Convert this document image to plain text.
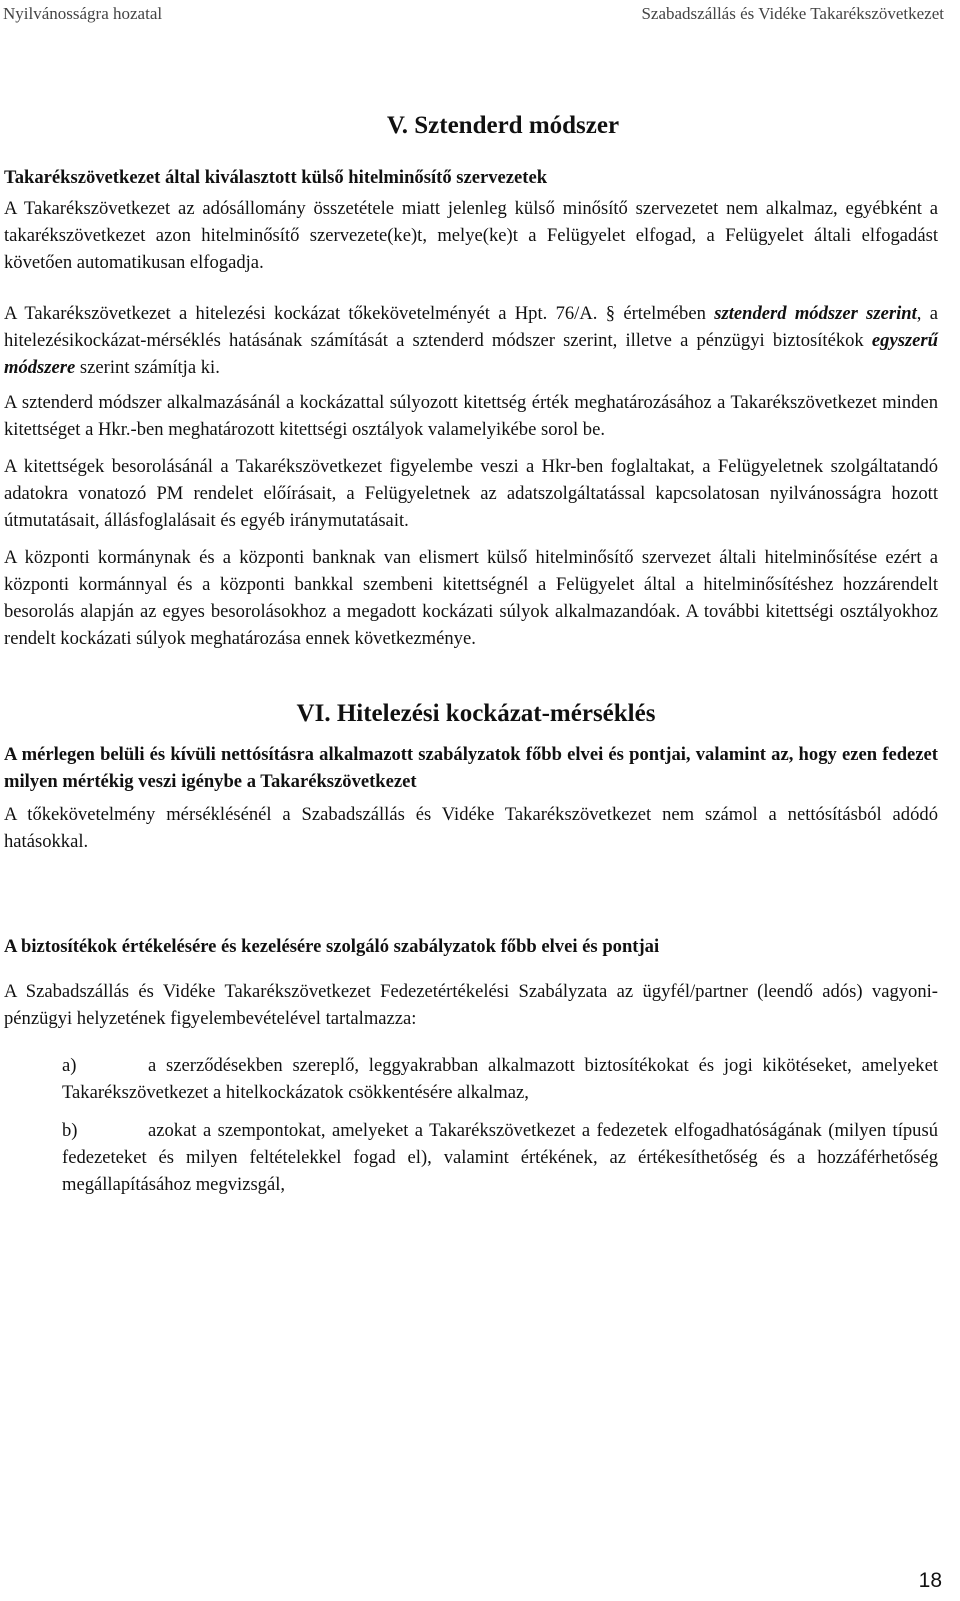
Nyilvánosságra hozatal	Szabadszállás és Vidéke Takarékszövetkezet
V. Sztenderd módszer
Takarékszövetkezet által kiválasztott külső hitelminősítő szervezetek

A Takarékszövetkezet az adósállomány összetétele miatt jelenleg külső minősítő szervezetet nem alkalmaz, egyébként a takarékszövetkezet azon hitelminősítő szervezete(ke)t, melye(ke)t a Felügyelet elfogad, a Felügyelet általi elfogadást követően automatikusan elfogadja.

A Takarékszövetkezet a hitelezési kockázat tőkekövetelményét a Hpt. 76/A. § értelmében sztenderd módszer szerint, a hitelezésikockázat-mérséklés hatásának számítását a sztenderd módszer szerint, illetve a pénzügyi biztosítékok egyszerű módszere szerint számítja ki.

A sztenderd módszer alkalmazásánál a kockázattal súlyozott kitettség érték meghatározásához a Takarékszövetkezet minden kitettséget a Hkr.-ben meghatározott kitettségi osztályok valamelyikébe sorol be.

A kitettségek besorolásánál a Takarékszövetkezet figyelembe veszi a Hkr-ben foglaltakat, a Felügyeletnek szolgáltatandó adatokra vonatozó PM rendelet előírásait, a Felügyeletnek az adatszolgáltatással kapcsolatosan nyilvánosságra hozott útmutatásait, állásfoglalásait és egyéb iránymutatásait.

A központi kormánynak és a központi banknak van elismert külső hitelminősítő szervezet általi hitelminősítése ezért a központi kormánnyal és a központi bankkal szembeni kitettségnél a Felügyelet által a hitelminősítéshez hozzárendelt besorolás alapján az egyes besorolásokhoz a megadott kockázati súlyok alkalmazandóak. A további kitettségi osztályokhoz rendelt kockázati súlyok meghatározása ennek következménye.

VI. Hitelezési kockázat-mérséklés
A mérlegen belüli és kívüli nettósításra alkalmazott szabályzatok főbb elvei és pontjai, valamint az, hogy ezen fedezet milyen mértékig veszi igénybe a Takarékszövetkezet

A tőkekövetelmény mérséklésénél a Szabadszállás és Vidéke Takarékszövetkezet nem számol a nettósításból adódó hatásokkal.

A biztosítékok értékelésére és kezelésére szolgáló szabályzatok főbb elvei és pontjai

A Szabadszállás és Vidéke Takarékszövetkezet Fedezetértékelési Szabályzata az ügyfél/partner (leendő adós) vagyoni-pénzügyi helyzetének figyelembevételével tartalmazza:

a)	a szerződésekben szereplő, leggyakrabban alkalmazott biztosítékokat és jogi kikötéseket, amelyeket Takarékszövetkezet a hitelkockázatok csökkentésére alkalmaz,
b)	azokat a szempontokat, amelyeket a Takarékszövetkezet a fedezetek elfogadhatóságának (milyen típusú fedezeteket és milyen feltételekkel fogad el), valamint értékének, az értékesíthetőség és a hozzáférhetőség megállapításához megvizsgál,
18
